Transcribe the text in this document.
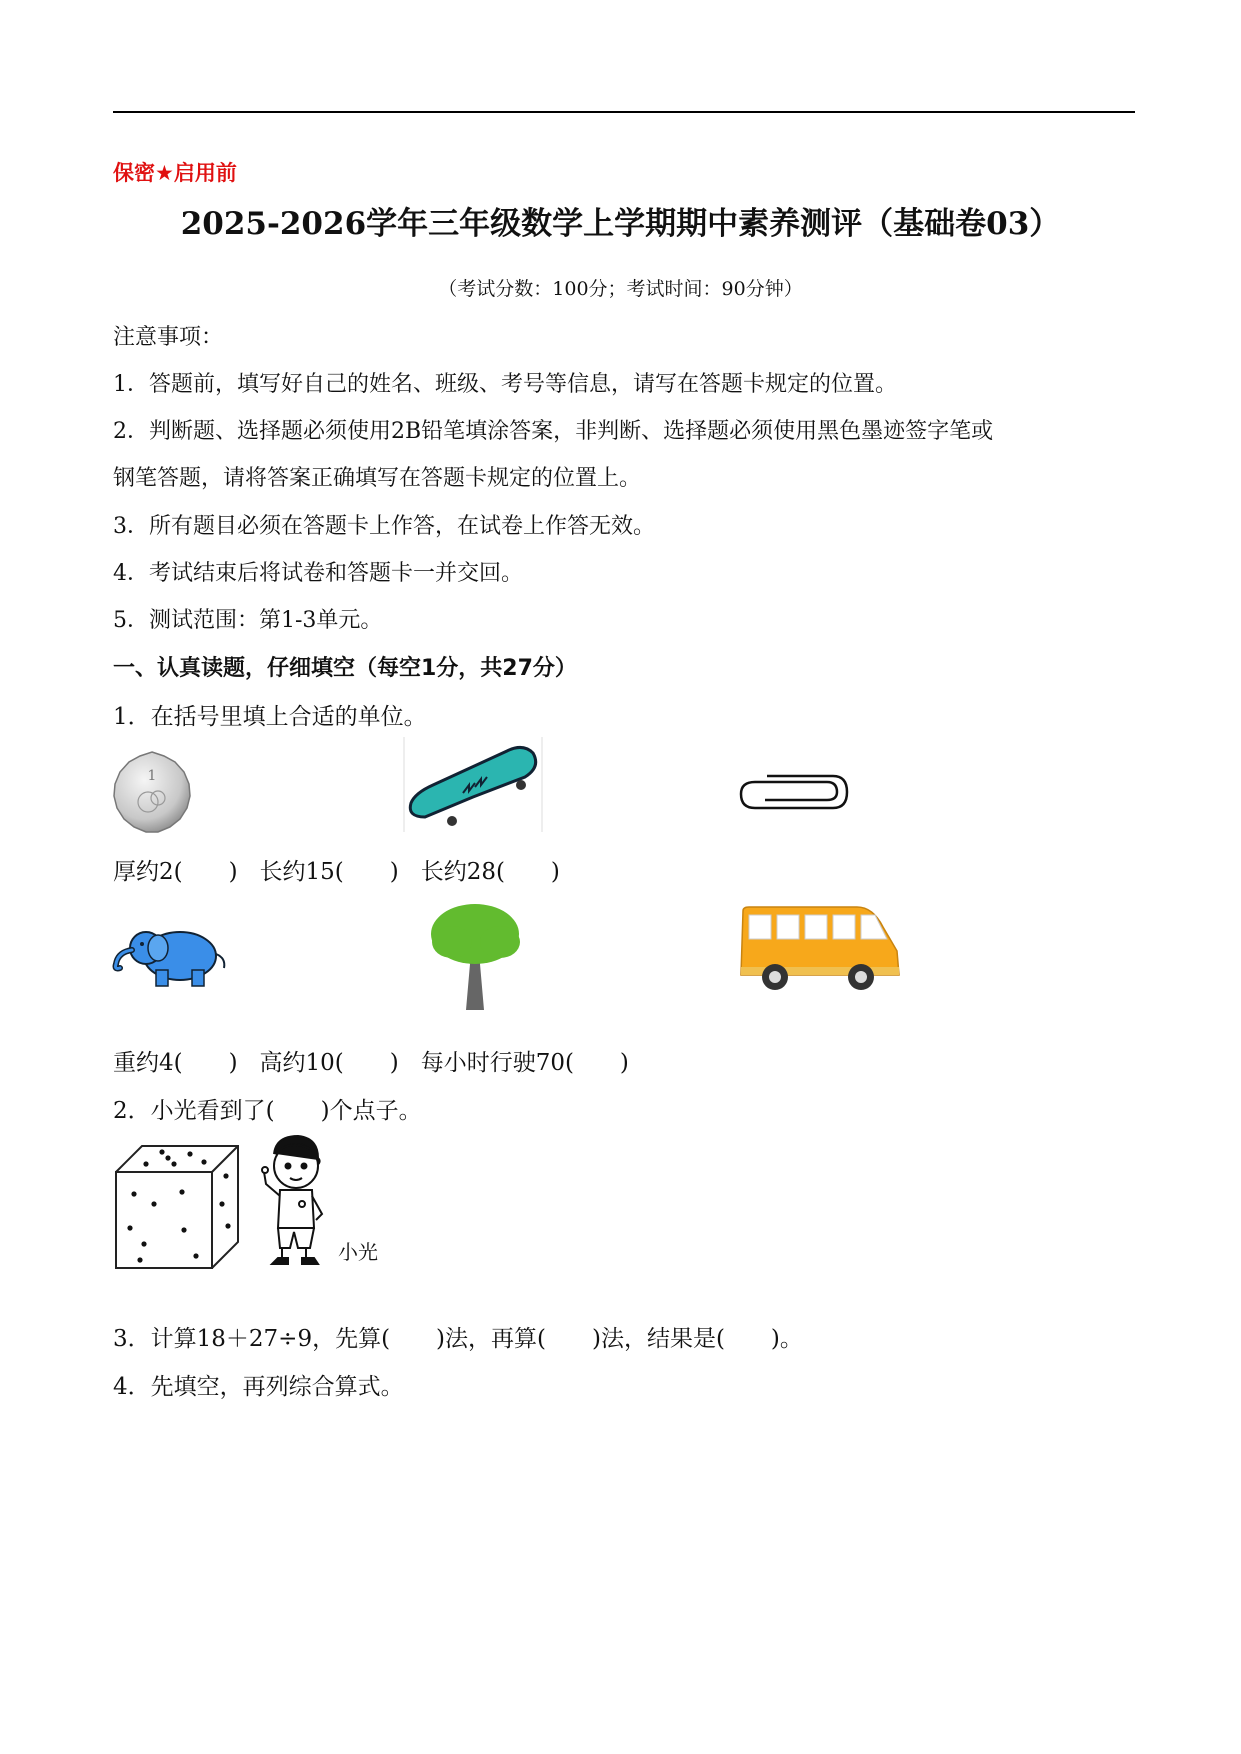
保密★启用前
2025-2026学年三年级数学上学期期中素养测评（基础卷03）
（考试分数：100分；考试时间：90分钟）
注意事项：
1．答题前，填写好自己的姓名、班级、考号等信息，请写在答题卡规定的位置。
2．判断题、选择题必须使用2B铅笔填涂答案，非判断、选择题必须使用黑色墨迹签字笔或
钢笔答题，请将答案正确填写在答题卡规定的位置上。
3．所有题目必须在答题卡上作答，在试卷上作答无效。
4．考试结束后将试卷和答题卡一并交回。
5．测试范围：第1-3单元。
一、认真读题，仔细填空（每空1分，共27分）
1．在括号里填上合适的单位。
1
厚约2(　　) 长约15(　　) 长约28(　　)
重约4(　　) 高约10(　　) 每小时行驶70(　　)
2．小光看到了(　　)个点子。
小光
3．计算18＋27÷9，先算(　　)法，再算(　　)法，结果是(　　)。
4．先填空，再列综合算式。
